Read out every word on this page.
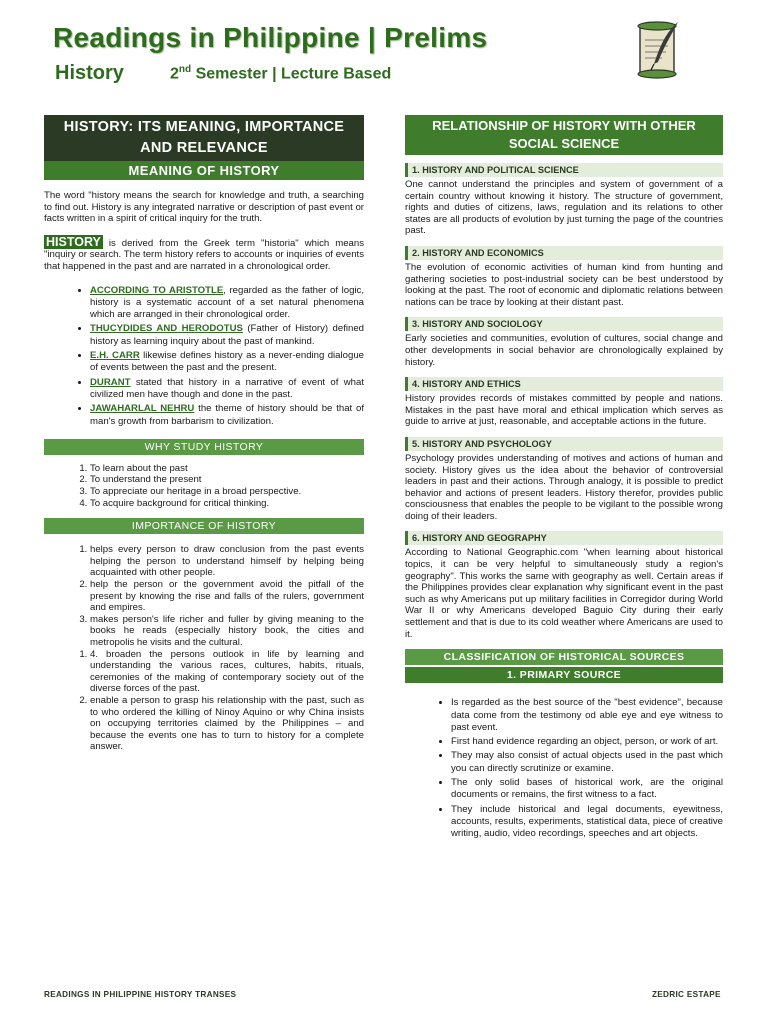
Readings in Philippine | Prelims
History	2nd Semester | Lecture Based
HISTORY: ITS MEANING, IMPORTANCE AND RELEVANCE
MEANING OF HISTORY

The word "history means the search for knowledge and truth, a searching to find out. History is any integrated narrative or description of past event or facts written in a spirit of critical inquiry for the truth.

HISTORY is derived from the Greek term "historia" which means "inquiry or search. The term history refers to accounts or inquiries of events that happened in the past and are narrated in a chronological order.

• ACCORDING TO ARISTOTLE, regarded as the father of logic, history is a systematic account of a set natural phenomena which are arranged in their chronological order.
• THUCYDIDES AND HERODOTUS (Father of History) defined history as learning inquiry about the past of mankind.
• E.H. CARR likewise defines history as a never-ending dialogue of events between the past and the present.
• DURANT stated that history in a narrative of event of what civilized men have though and done in the past.
• JAWAHARLAL NEHRU the theme of history should be that of man's growth from barbarism to civilization.
WHY STUDY HISTORY
1. To learn about the past
2. To understand the present
3. To appreciate our heritage in a broad perspective.
4. To acquire background for critical thinking.
IMPORTANCE OF HISTORY
1. helps every person to draw conclusion from the past events helping the person to understand himself by helping being acquainted with other people.
2. help the person or the government avoid the pitfall of the present by knowing the rise and falls of the rulers, government and empires.
3. makes person's life richer and fuller by giving meaning to the books he reads (especially history book, the cities and metropolis he visits and the cultural.
1. 4. broaden the persons outlook in life by learning and understanding the various races, cultures, habits, rituals, ceremonies of the making of contemporary society out of the diverse forces of the past.
2. enable a person to grasp his relationship with the past, such as to who ordered the killing of Ninoy Aquino or why China insists on occupying territories claimed by the Philippines – and because the events one has to turn to history for a complete answer.
RELATIONSHIP OF HISTORY WITH OTHER SOCIAL SCIENCE
1. HISTORY AND POLITICAL SCIENCE

One cannot understand the principles and system of government of a certain country without knowing it history. The structure of government, rights and duties of citizens, laws, regulation and its relations to other states are all products of evolution by just turning the page of the countries past.

2. HISTORY AND ECONOMICS

The evolution of economic activities of human kind from hunting and gathering societies to post-industrial society can be best understood by looking at the past. The root of economic and diplomatic relations between nations can be trace by looking at their distant past.

3. HISTORY AND SOCIOLOGY

Early societies and communities, evolution of cultures, social change and other developments in social behavior are chronologically explained by history.

4. HISTORY AND ETHICS

History provides records of mistakes committed by people and nations. Mistakes in the past have moral and ethical implication which serves as guide to arrive at just, reasonable, and acceptable actions in the future.

5. HISTORY AND PSYCHOLOGY

Psychology provides understanding of motives and actions of human and society. History gives us the idea about the behavior of controversial leaders in past and their actions. Through analogy, it is possible to predict behavior and actions of present leaders. History therefor, provides public consciousness that enables the people to be vigilant to the possible wrong doing of their leaders.

6. HISTORY AND GEOGRAPHY

According to National Geographic.com "when learning about historical topics, it can be very helpful to simultaneously study a region's geography". This works the same with geography as well. Certain areas if the Philippines provides clear explanation why significant event in the past such as why Americans put up military facilities in Corregidor during World War II or why Americans developed Baguio City during their early settlement and that is due to its cold weather where Americans are used to it.

CLASSIFICATION OF HISTORICAL SOURCES
1. PRIMARY SOURCE
• Is regarded as the best source of the "best evidence", because data come from the testimony od able eye and eye witness to past event.
• First hand evidence regarding an object, person, or work of art.
• They may also consist of actual objects used in the past which you can directly scrutinize or examine.
• The only solid bases of historical work, are the original documents or remains, the first witness to a fact.
• They include historical and legal documents, eyewitness, accounts, results, experiments, statistical data, piece of creative writing, audio, video recordings, speeches and art objects.
READINGS IN PHILIPPINE HISTORY TRANSES	ZEDRIC ESTAPE
